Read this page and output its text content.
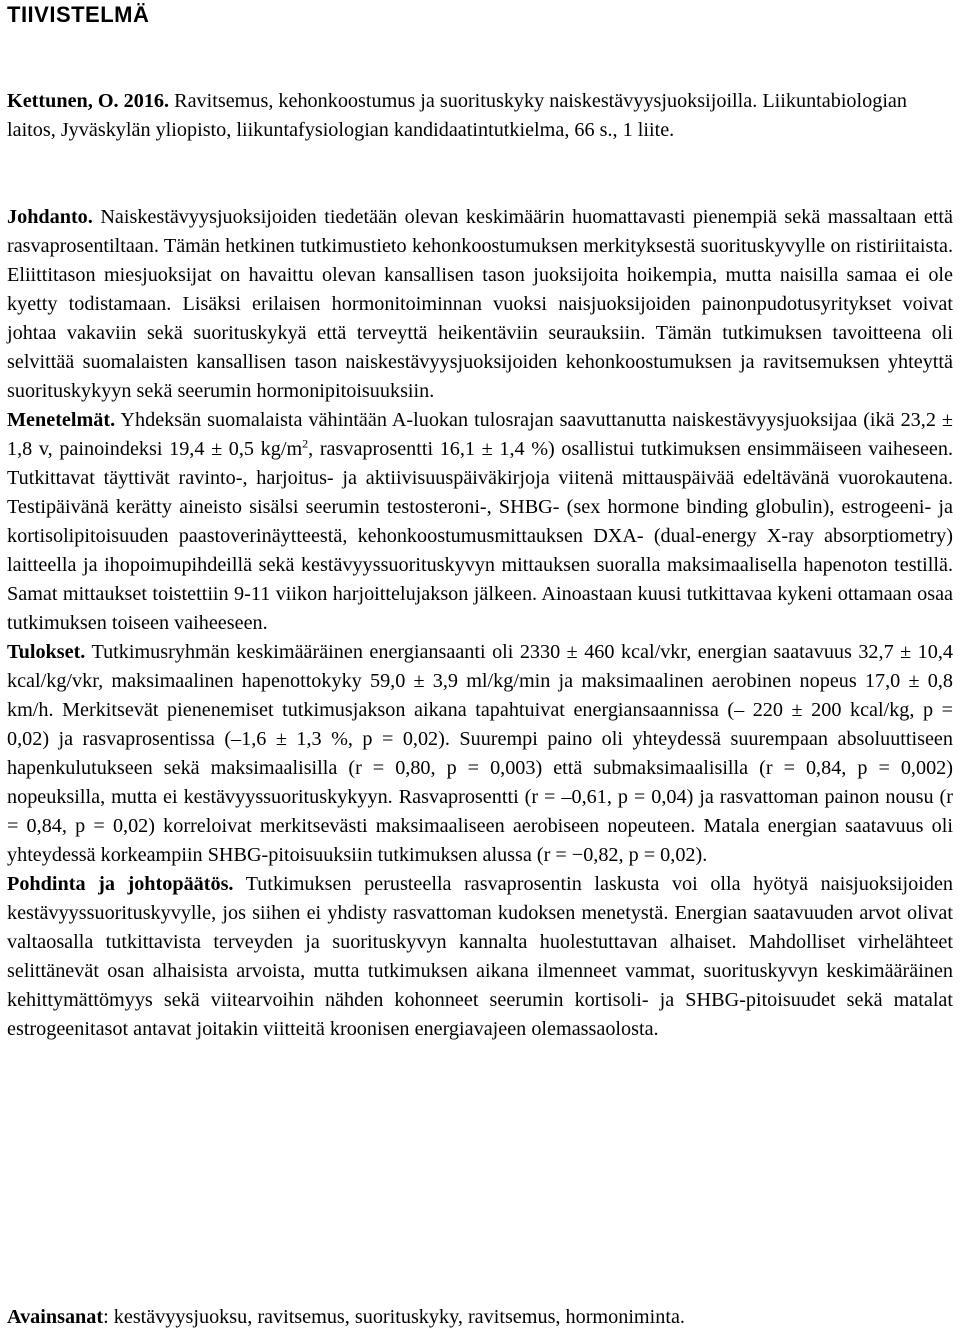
TIIVISTELMÄ

Kettunen, O. 2016. Ravitsemus, kehonkoostumus ja suorituskyky naiskestävyysjuoksijoilla. Liikuntabiologian laitos, Jyväskylän yliopisto, liikuntafysiologian kandidaatintutkielma, 66 s., 1 liite.

Johdanto. Naiskestävyysjuoksijoiden tiedetään olevan keskimäärin huomattavasti pienempiä sekä massaltaan että rasvaprosentiltaan. Tämän hetkinen tutkimustieto kehonkoostumuksen merkityksestä suorituskyvylle on ristiriitaista. Eliittitason miesjuoksijat on havaittu olevan kansallisen tason juoksijoita hoikempia, mutta naisilla samaa ei ole kyetty todistamaan. Lisäksi erilaisen hormonitoiminnan vuoksi naisjuoksijoiden painonpudotusyritykset voivat johtaa vakaviin sekä suorituskykyä että terveyttä heikentäviin seurauksiin. Tämän tutkimuksen tavoitteena oli selvittää suomalaisten kansallisen tason naiskestävyysjuoksijoiden kehonkoostumuksen ja ravitsemuksen yhteyttä suorituskykyyn sekä seerumin hormonipitoisuuksiin.
Menetelmät. Yhdeksän suomalaista vähintään A-luokan tulosrajan saavuttanutta naiskestävyysjuoksijaa (ikä 23,2 ± 1,8 v, painoindeksi 19,4 ± 0,5 $kg/m^2$, rasvaprosentti 16,1 ± 1,4 %) osallistui tutkimuksen ensimmäiseen vaiheseen. Tutkittavat täyttivät ravinto-, harjoitus- ja aktiivisuuspäiväkirjoja viitenä mittauspäivää edeltävänä vuorokautena. Testipäivänä kerätty aineisto sisälsi seerumin testosteroni-, SHBG- (sex hormone binding globulin), estrogeeni- ja kortisolipitoisuuden paastoverinäytteestä, kehonkoostumusmittauksen DXA- (dual-energy X-ray absorptiometry) laitteella ja ihopoimupihdeillä sekä kestävyyssuorituskyvyn mittauksen suoralla maksimaalisella hapenoton testillä. Samat mittaukset toistettiin 9-11 viikon harjoittelujakson jälkeen. Ainoastaan kuusi tutkittavaa kykeni ottamaan osaa tutkimuksen toiseen vaiheeseen.
Tulokset. Tutkimusryhmän keskimääräinen energiansaanti oli 2330 ± 460 kcal/vkr, energian saatavuus 32,7 ± 10,4 kcal/kg/vkr, maksimaalinen hapenottokyky 59,0 ± 3,9 ml/kg/min ja maksimaalinen aerobinen nopeus 17,0 ± 0,8 km/h. Merkitsevät pienenemiset tutkimusjakson aikana tapahtuivat energiansaannissa (– 220 ± 200 kcal/kg, p = 0,02) ja rasvaprosentissa (–1,6 ± 1,3 %, p = 0,02). Suurempi paino oli yhteydessä suurempaan absoluuttiseen hapenkulutukseen sekä maksimaalisilla (r = 0,80, p = 0,003) että submaksimaalisilla (r = 0,84, p = 0,002) nopeuksilla, mutta ei kestävyyssuorituskykyyn. Rasvaprosentti (r = –0,61, p = 0,04) ja rasvattoman painon nousu (r = 0,84, p = 0,02) korreloivat merkitsevästi maksimaaliseen aerobiseen nopeuteen. Matala energian saatavuus oli yhteydessä korkeampiin SHBG-pitoisuuksiin tutkimuksen alussa (r = −0,82, p = 0,02).
Pohdinta ja johtopäätös. Tutkimuksen perusteella rasvaprosentin laskusta voi olla hyötyä naisjuoksijoiden kestävyyssuorituskyvylle, jos siihen ei yhdisty rasvattoman kudoksen menetystä. Energian saatavuuden arvot olivat valtaosalla tutkittavista terveyden ja suorituskyvyn kannalta huolestuttavan alhaiset. Mahdolliset virhelähteet selittänevät osan alhaisista arvoista, mutta tutkimuksen aikana ilmenneet vammat, suorituskyvyn keskimääräinen kehittymättömyys sekä viitearvoihin nähden kohonneet seerumin kortisoli- ja SHBG-pitoisuudet sekä matalat estrogeenitasot antavat joitakin viitteitä kroonisen energiavajeen olemassaolosta.

Avainsanat: kestävyysjuoksu, ravitsemus, suorituskyky, ravitsemus, hormonimintа.
